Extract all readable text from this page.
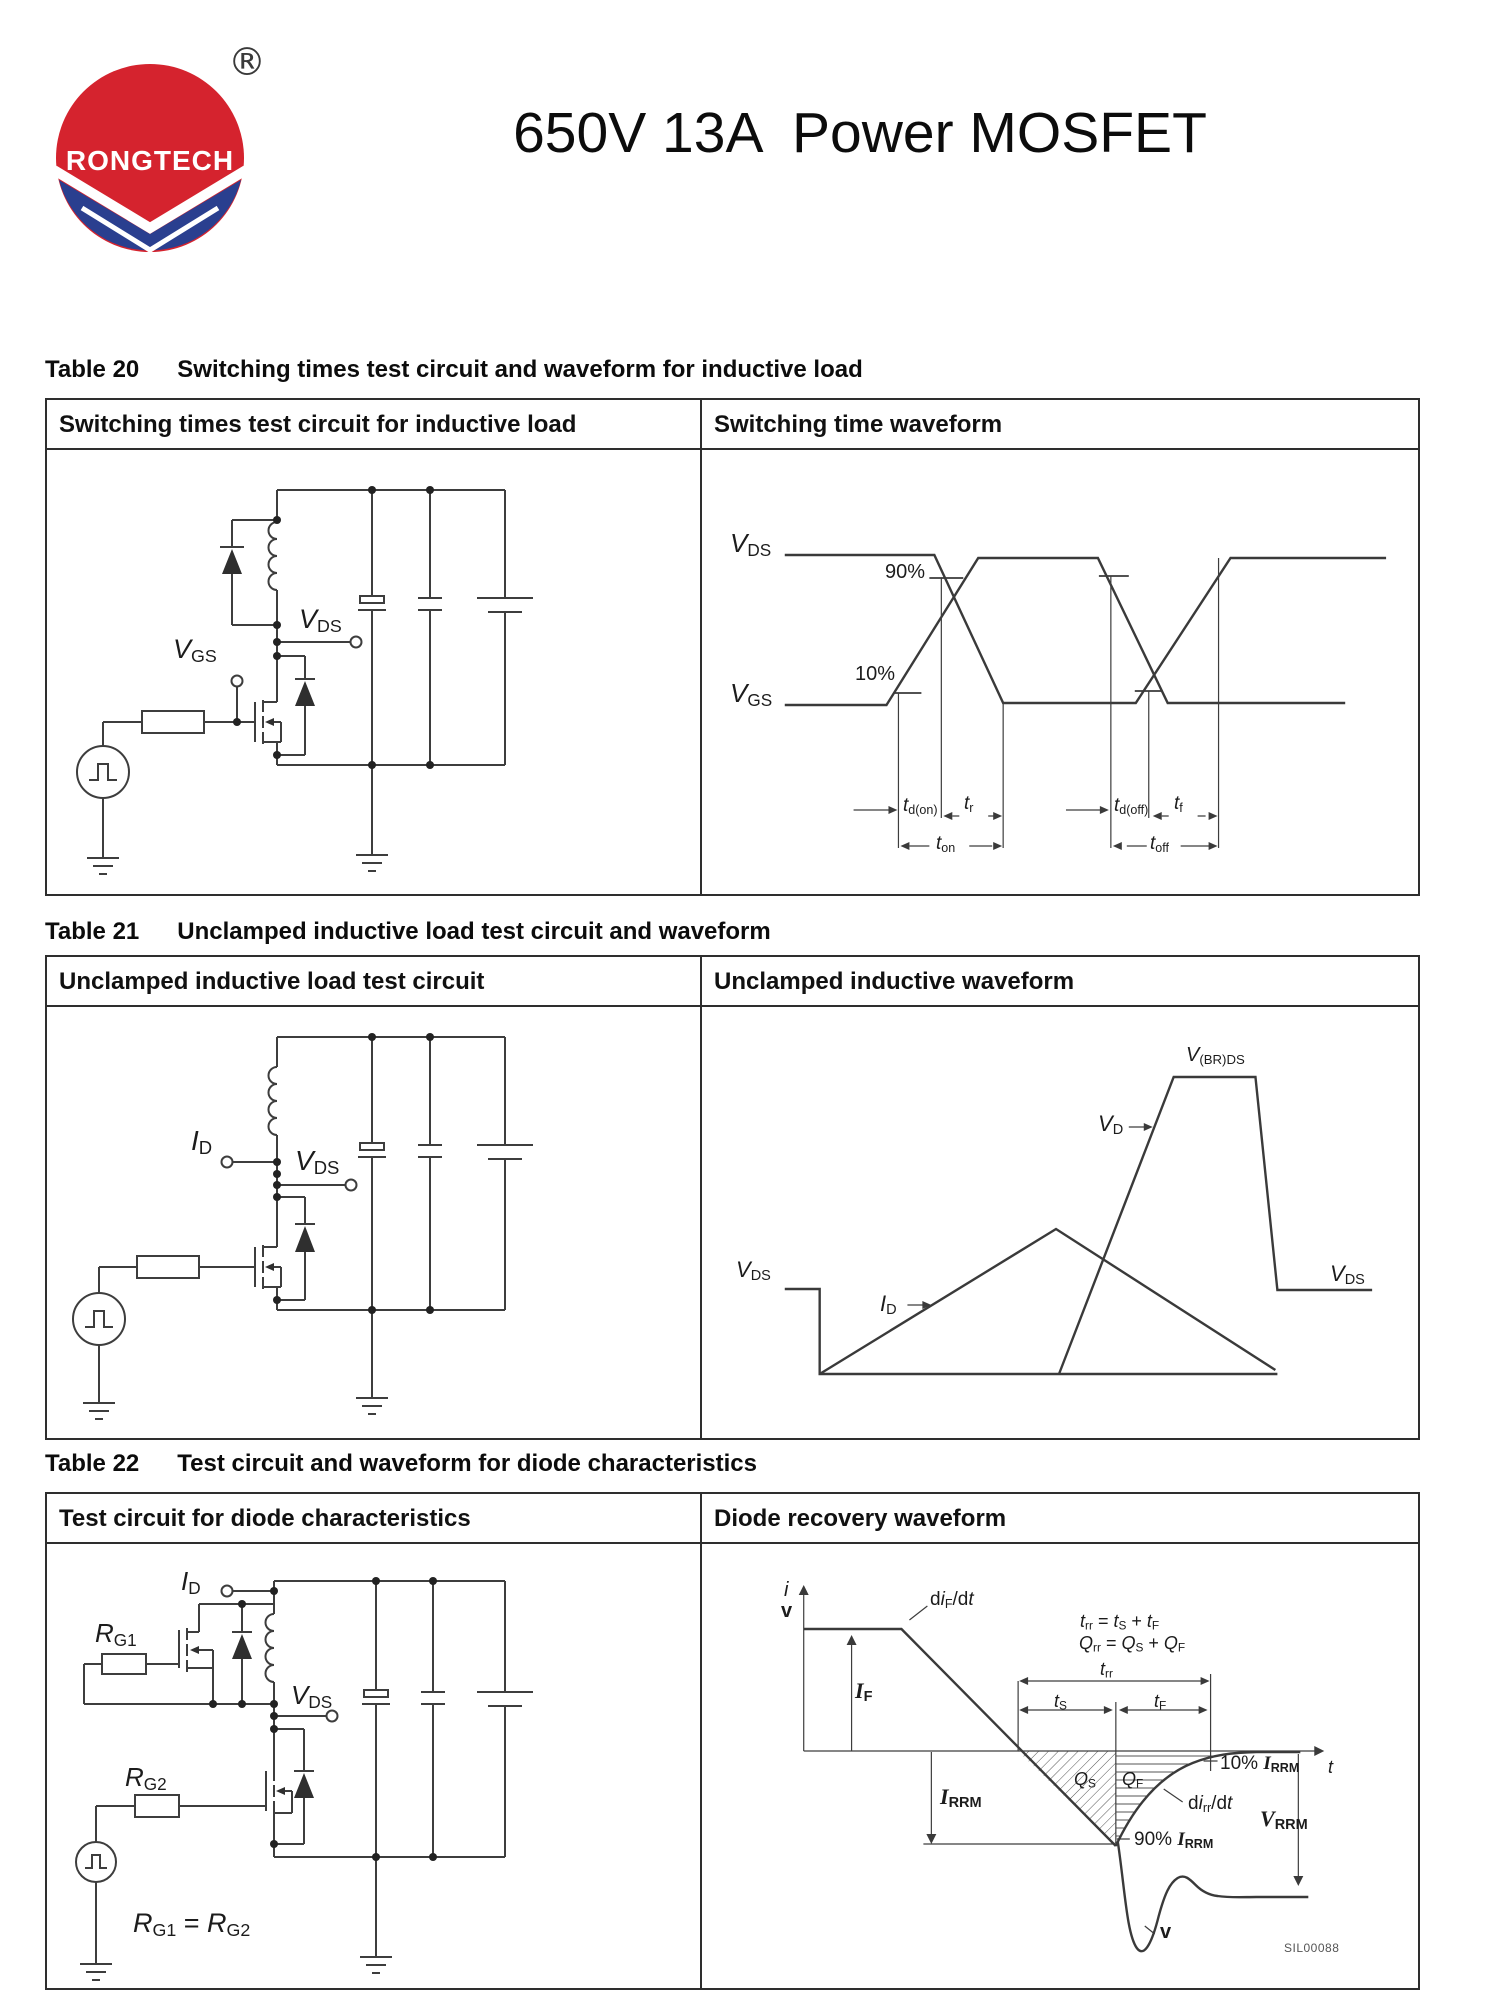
RONGTECH
®
650V 13A  Power MOSFET
Table 20 Switching times test circuit and waveform for inductive load
Switching times test circuit for inductive load	Switching time waveform
VGS
VDS
VDS
VGS
90%
10%
td(on) tr
ton
td(off) tf
toff
Table 21 Unclamped inductive load test circuit and waveform
Unclamped inductive load test circuit	Unclamped inductive waveform
ID	VDS
VDS
ID
VD
V(BR)DS
VDS
Table 22 Test circuit and waveform for diode characteristics
Test circuit for diode characteristics	Diode recovery waveform
ID
RG1
VDS
RG2
RG1 = RG2
i
v
diF/dt
IF
trr = tS + tF
Qrr = QS + QF
trr
tS	tF
10% IRRM t
QS QF
dirr/dt
VRRM
90% IRRM
IRRM
v
SIL00088
